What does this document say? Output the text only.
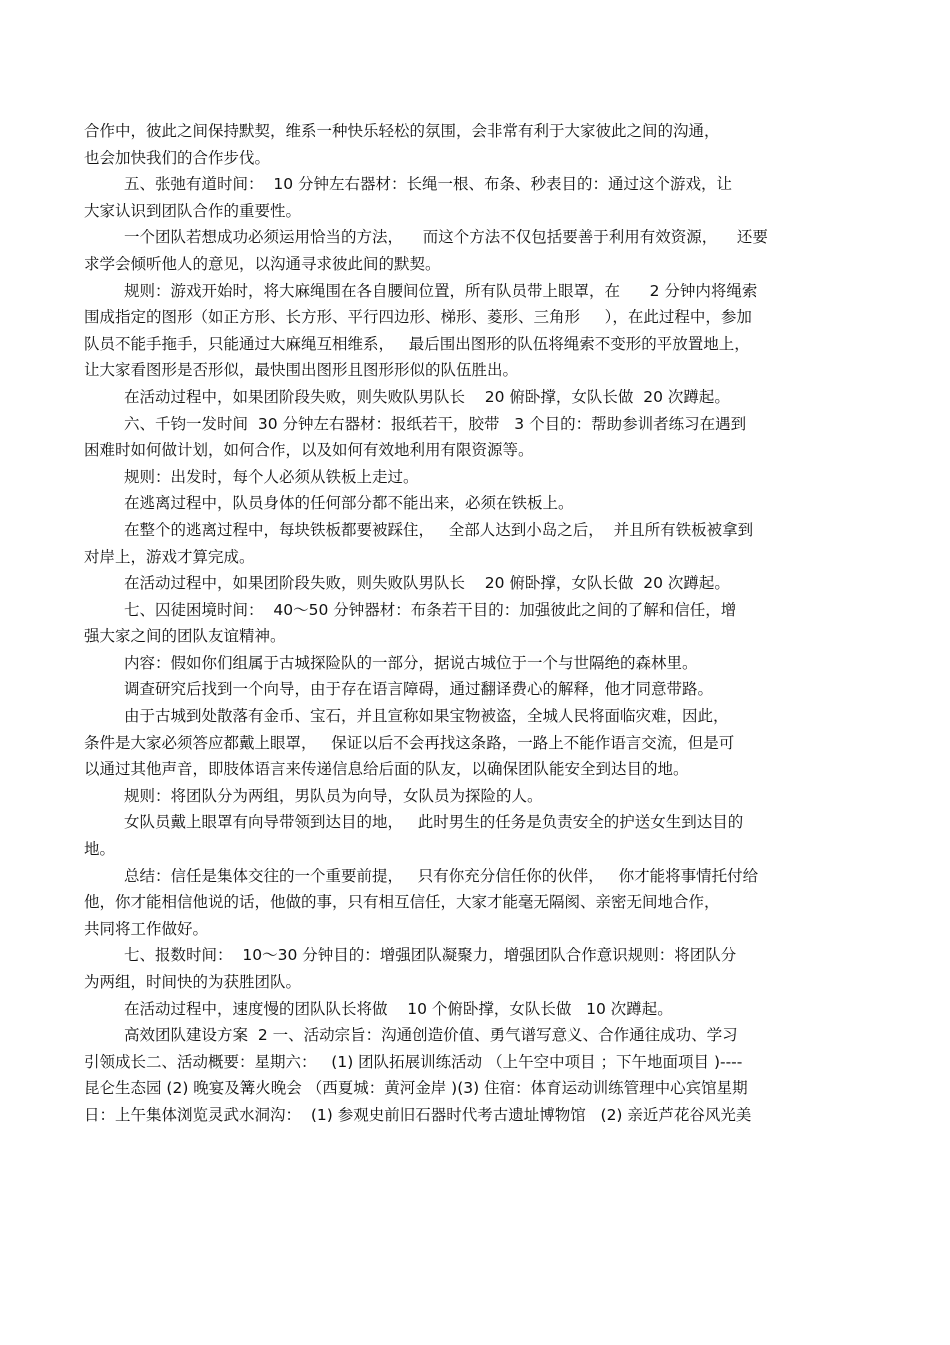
合作中，彼此之间保持默契，维系一种快乐轻松的氛围，会非常有利于大家彼此之间的沟通，
也会加快我们的合作步伐。
五、张弛有道时间：  10 分钟左右器材：长绳一根、布条、秒表目的：通过这个游戏，让
大家认识到团队合作的重要性。
一个团队若想成功必须运用恰当的方法，    而这个方法不仅包括要善于利用有效资源，    还要
求学会倾听他人的意见，以沟通寻求彼此间的默契。
规则：游戏开始时，将大麻绳围在各自腰间位置，所有队员带上眼罩，在      2 分钟内将绳索
围成指定的图形（如正方形、长方形、平行四边形、梯形、菱形、三角形     ），在此过程中，参加
队员不能手拖手，只能通过大麻绳互相维系，   最后围出图形的队伍将绳索不变形的平放置地上，
让大家看图形是否形似，最快围出图形且图形形似的队伍胜出。
在活动过程中，如果团阶段失败，则失败队男队长    20 俯卧撑，女队长做  20 次蹲起。
六、千钧一发时间  30 分钟左右器材：报纸若干，胶带   3 个目的：帮助参训者练习在遇到
困难时如何做计划，如何合作，以及如何有效地利用有限资源等。
规则：出发时，每个人必须从铁板上走过。
在逃离过程中，队员身体的任何部分都不能出来，必须在铁板上。
在整个的逃离过程中，每块铁板都要被踩住，   全部人达到小岛之后，  并且所有铁板被拿到
对岸上，游戏才算完成。
在活动过程中，如果团阶段失败，则失败队男队长    20 俯卧撑，女队长做  20 次蹲起。
七、囚徒困境时间：  40～50 分钟器材：布条若干目的：加强彼此之间的了解和信任，增
强大家之间的团队友谊精神。
内容：假如你们组属于古城探险队的一部分，据说古城位于一个与世隔绝的森林里。
调查研究后找到一个向导，由于存在语言障碍，通过翻译费心的解释，他才同意带路。
由于古城到处散落有金币、宝石，并且宣称如果宝物被盗，全城人民将面临灾难，因此，
条件是大家必须答应都戴上眼罩，   保证以后不会再找这条路，一路上不能作语言交流，但是可
以通过其他声音，即肢体语言来传递信息给后面的队友，以确保团队能安全到达目的地。
规则：将团队分为两组，男队员为向导，女队员为探险的人。
女队员戴上眼罩有向导带领到达目的地，   此时男生的任务是负责安全的护送女生到达目的
地。
总结：信任是集体交往的一个重要前提，   只有你充分信任你的伙伴，   你才能将事情托付给
他，你才能相信他说的话，他做的事，只有相互信任，大家才能毫无隔阂、亲密无间地合作，
共同将工作做好。
七、报数时间：  10～30 分钟目的：增强团队凝聚力，增强团队合作意识规则：将团队分
为两组，时间快的为获胜团队。
在活动过程中，速度慢的团队队长将做    10 个俯卧撑，女队长做   10 次蹲起。
高效团队建设方案  2 一、活动宗旨：沟通创造价值、勇气谱写意义、合作通往成功、学习
引领成长二、活动概要：星期六：   (1) 团队拓展训练活动 （上午空中项目 ；下午地面项目 )----
昆仑生态园 (2) 晚宴及篝火晚会 （西夏城：黄河金岸 )(3) 住宿：体育运动训练管理中心宾馆星期
日：上午集体浏览灵武水洞沟：  (1) 参观史前旧石器时代考古遗址博物馆   (2) 亲近芦花谷风光美
